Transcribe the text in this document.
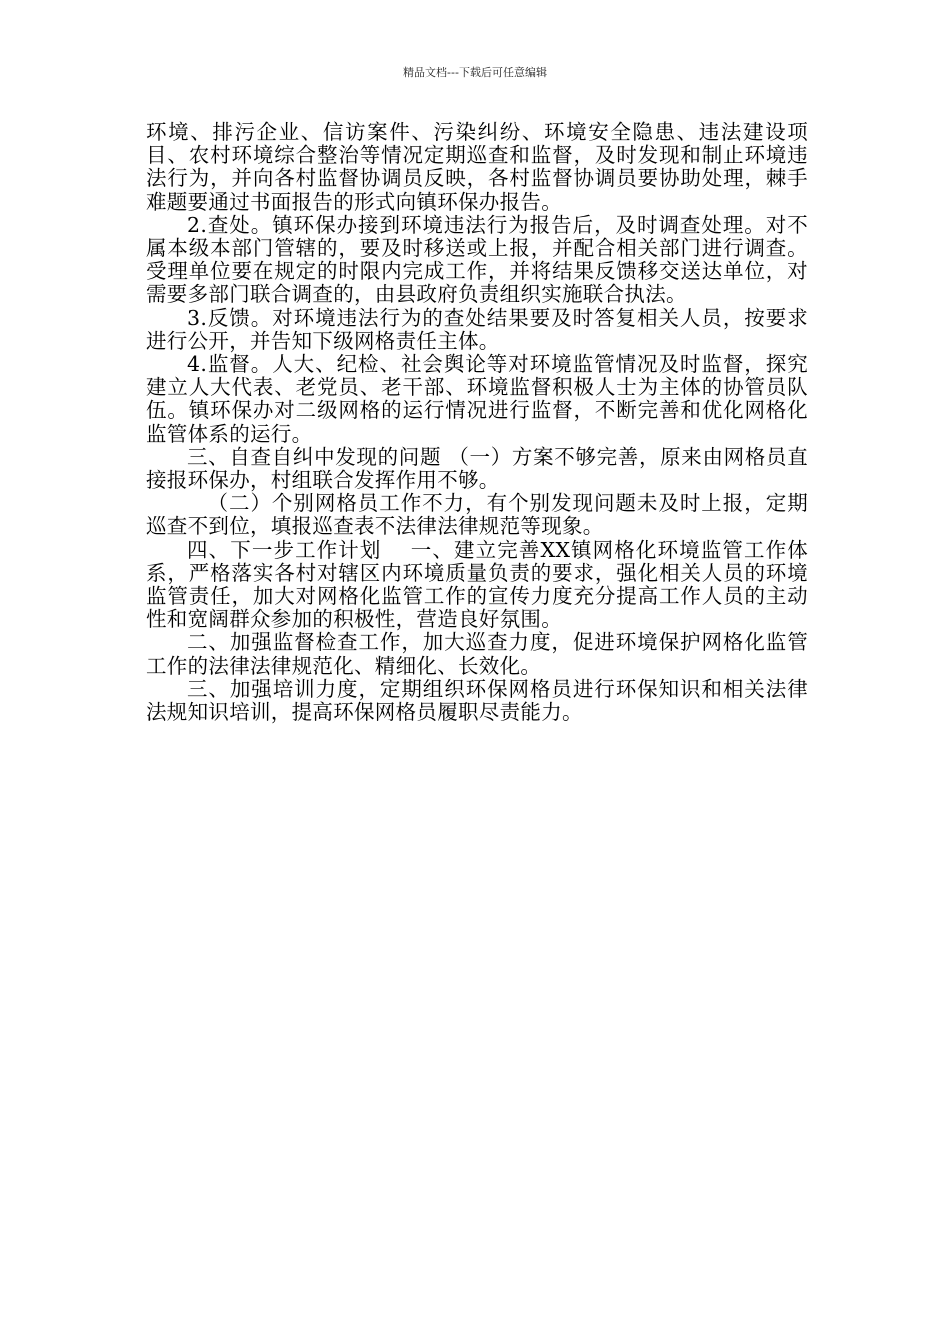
精品文档---下载后可任意编辑

环境、排污企业、信访案件、污染纠纷、环境安全隐患、违法建设项目、农村环境综合整治等情况定期巡查和监督，及时发现和制止环境违法行为，并向各村监督协调员反映，各村监督协调员要协助处理，棘手难题要通过书面报告的形式向镇环保办报告。

2.查处。镇环保办接到环境违法行为报告后，及时调查处理。对不属本级本部门管辖的，要及时移送或上报，并配合相关部门进行调查。受理单位要在规定的时限内完成工作，并将结果反馈移交送达单位，对需要多部门联合调查的，由县政府负责组织实施联合执法。

3.反馈。对环境违法行为的查处结果要及时答复相关人员，按要求进行公开，并告知下级网格责任主体。

4.监督。人大、纪检、社会舆论等对环境监管情况及时监督，探究建立人大代表、老党员、老干部、环境监督积极人士为主体的协管员队伍。镇环保办对二级网格的运行情况进行监督，不断完善和优化网格化监管体系的运行。

三、自查自纠中发现的问题 （一）方案不够完善，原来由网格员直接报环保办，村组联合发挥作用不够。

（二）个别网格员工作不力，有个别发现问题未及时上报，定期巡查不到位，填报巡查表不法律法律规范等现象。

四、下一步工作计划　 一、建立完善XX镇网格化环境监管工作体系，严格落实各村对辖区内环境质量负责的要求，强化相关人员的环境监管责任，加大对网格化监管工作的宣传力度充分提高工作人员的主动性和宽阔群众参加的积极性，营造良好氛围。

二、加强监督检查工作，加大巡查力度，促进环境保护网格化监管工作的法律法律规范化、精细化、长效化。

三、加强培训力度，定期组织环保网格员进行环保知识和相关法律法规知识培训，提高环保网格员履职尽责能力。
